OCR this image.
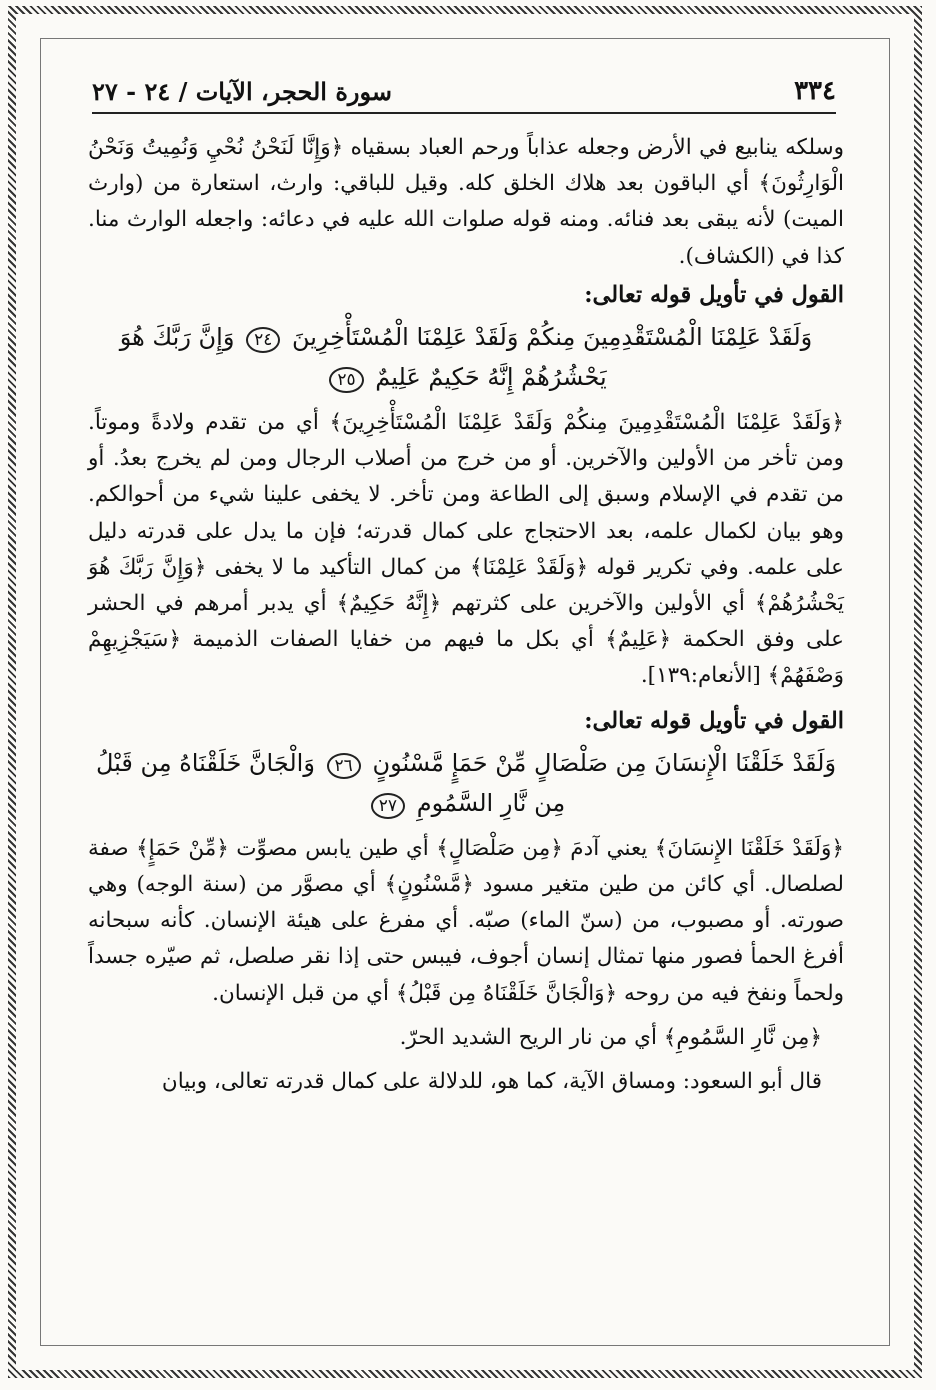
سورة الحجر، الآيات / ٢٤ - ٢٧	٣٣٤

وسلكه ينابيع في الأرض وجعله عذاباً ورحم العباد بسقياه ﴿وَإِنَّا لَنَحْنُ نُحْيِ وَنُمِيتُ وَنَحْنُ الْوَارِثُونَ﴾ أي الباقون بعد هلاك الخلق كله. وقيل للباقي: وارث، استعارة من (وارث الميت) لأنه يبقى بعد فنائه. ومنه قوله صلوات الله عليه في دعائه: واجعله الوارث منا. كذا في (الكشاف).

القول في تأويل قوله تعالى:

وَلَقَدْ عَلِمْنَا الْمُسْتَقْدِمِينَ مِنكُمْ وَلَقَدْ عَلِمْنَا الْمُسْتَأْخِرِينَ ٢٤ وَإِنَّ رَبَّكَ هُوَ يَحْشُرُهُمْ إِنَّهُ حَكِيمٌ عَلِيمٌ ٢٥

﴿وَلَقَدْ عَلِمْنَا الْمُسْتَقْدِمِينَ مِنكُمْ وَلَقَدْ عَلِمْنَا الْمُسْتَأْخِرِينَ﴾ أي من تقدم ولادةً وموتاً. ومن تأخر من الأولين والآخرين. أو من خرج من أصلاب الرجال ومن لم يخرج بعدُ. أو من تقدم في الإسلام وسبق إلى الطاعة ومن تأخر. لا يخفى علينا شيء من أحوالكم. وهو بيان لكمال علمه، بعد الاحتجاج على كمال قدرته؛ فإن ما يدل على قدرته دليل على علمه. وفي تكرير قوله ﴿وَلَقَدْ عَلِمْنَا﴾ من كمال التأكيد ما لا يخفى ﴿وَإِنَّ رَبَّكَ هُوَ يَحْشُرُهُمْ﴾ أي الأولين والآخرين على كثرتهم ﴿إِنَّهُ حَكِيمٌ﴾ أي يدبر أمرهم في الحشر على وفق الحكمة ﴿عَلِيمٌ﴾ أي بكل ما فيهم من خفايا الصفات الذميمة ﴿سَيَجْزِيهِمْ وَصْفَهُمْ﴾ [الأنعام:١٣٩].

القول في تأويل قوله تعالى:

وَلَقَدْ خَلَقْنَا الْإِنسَانَ مِن صَلْصَالٍ مِّنْ حَمَإٍ مَّسْنُونٍ ٢٦ وَالْجَانَّ خَلَقْنَاهُ مِن قَبْلُ مِن نَّارِ السَّمُومِ ٢٧

﴿وَلَقَدْ خَلَقْنَا الإِنسَانَ﴾ يعني آدمَ ﴿مِن صَلْصَالٍ﴾ أي طين يابس مصوِّت ﴿مِّنْ حَمَإٍ﴾ صفة لصلصال. أي كائن من طين متغير مسود ﴿مَّسْنُونٍ﴾ أي مصوَّر من (سنة الوجه) وهي صورته. أو مصبوب، من (سنّ الماء) صبّه. أي مفرغ على هيئة الإنسان. كأنه سبحانه أفرغ الحمأ فصور منها تمثال إنسان أجوف، فيبس حتى إذا نقر صلصل، ثم صيّره جسداً ولحماً ونفخ فيه من روحه ﴿وَالْجَانَّ خَلَقْنَاهُ مِن قَبْلُ﴾ أي من قبل الإنسان.

﴿مِن نَّارِ السَّمُومِ﴾ أي من نار الريح الشديد الحرّ.

قال أبو السعود: ومساق الآية، كما هو، للدلالة على كمال قدرته تعالى، وبيان
